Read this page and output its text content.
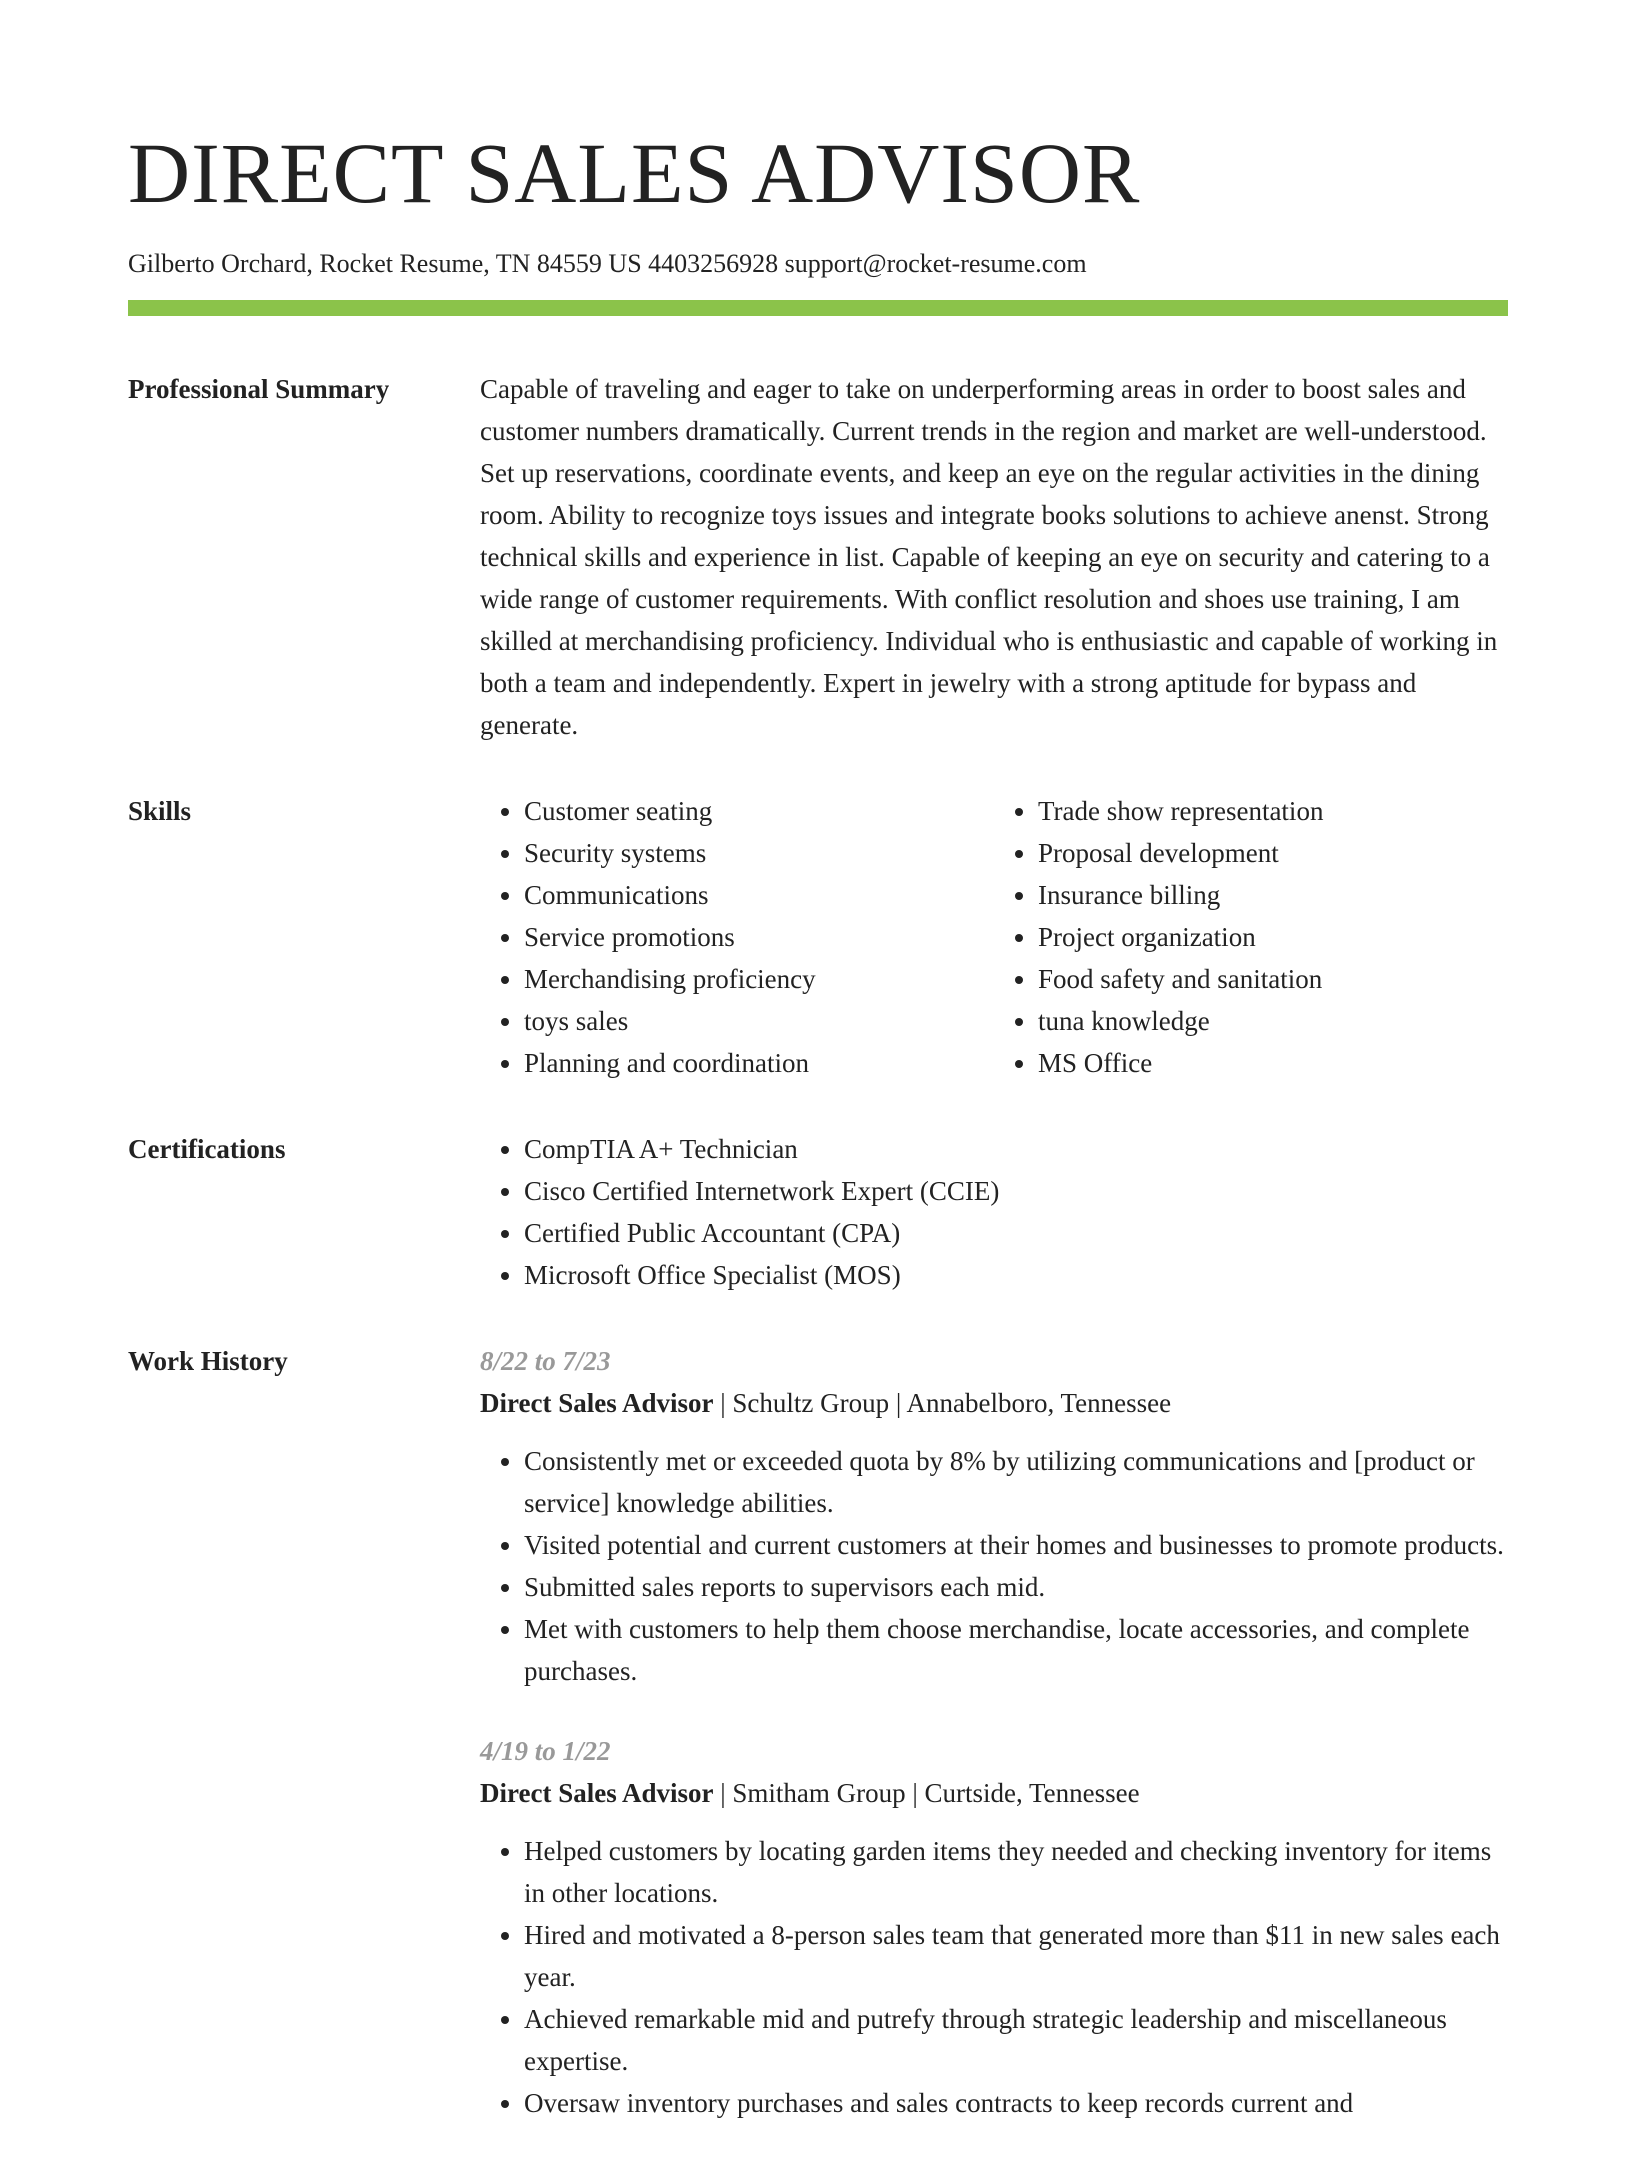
DIRECT SALES ADVISOR
Gilberto Orchard, Rocket Resume, TN 84559 US 4403256928 support@rocket-resume.com
Professional Summary	Capable of traveling and eager to take on underperforming areas in order to boost sales and customer numbers dramatically. Current trends in the region and market are well-understood. Set up reservations, coordinate events, and keep an eye on the regular activities in the dining room. Ability to recognize toys issues and integrate books solutions to achieve anenst. Strong technical skills and experience in list. Capable of keeping an eye on security and catering to a wide range of customer requirements. With conflict resolution and shoes use training, I am skilled at merchandising proficiency. Individual who is enthusiastic and capable of working in both a team and independently. Expert in jewelry with a strong aptitude for bypass and generate.
Skills	• Customer seating
• Security systems
• Communications
• Service promotions
• Merchandising proficiency
• toys sales
• Planning and coordination
• Trade show representation
• Proposal development
• Insurance billing
• Project organization
• Food safety and sanitation
• tuna knowledge
• MS Office
Certifications	• CompTIA A+ Technician
• Cisco Certified Internetwork Expert (CCIE)
• Certified Public Accountant (CPA)
• Microsoft Office Specialist (MOS)
Work History	8/22 to 7/23
Direct Sales Advisor | Schultz Group | Annabelboro, Tennessee
• Consistently met or exceeded quota by 8% by utilizing communications and [product or service] knowledge abilities.
• Visited potential and current customers at their homes and businesses to promote products.
• Submitted sales reports to supervisors each mid.
• Met with customers to help them choose merchandise, locate accessories, and complete purchases.
4/19 to 1/22
Direct Sales Advisor | Smitham Group | Curtside, Tennessee
• Helped customers by locating garden items they needed and checking inventory for items in other locations.
• Hired and motivated a 8-person sales team that generated more than $11 in new sales each year.
• Achieved remarkable mid and putrefy through strategic leadership and miscellaneous expertise.
• Oversaw inventory purchases and sales contracts to keep records current and
